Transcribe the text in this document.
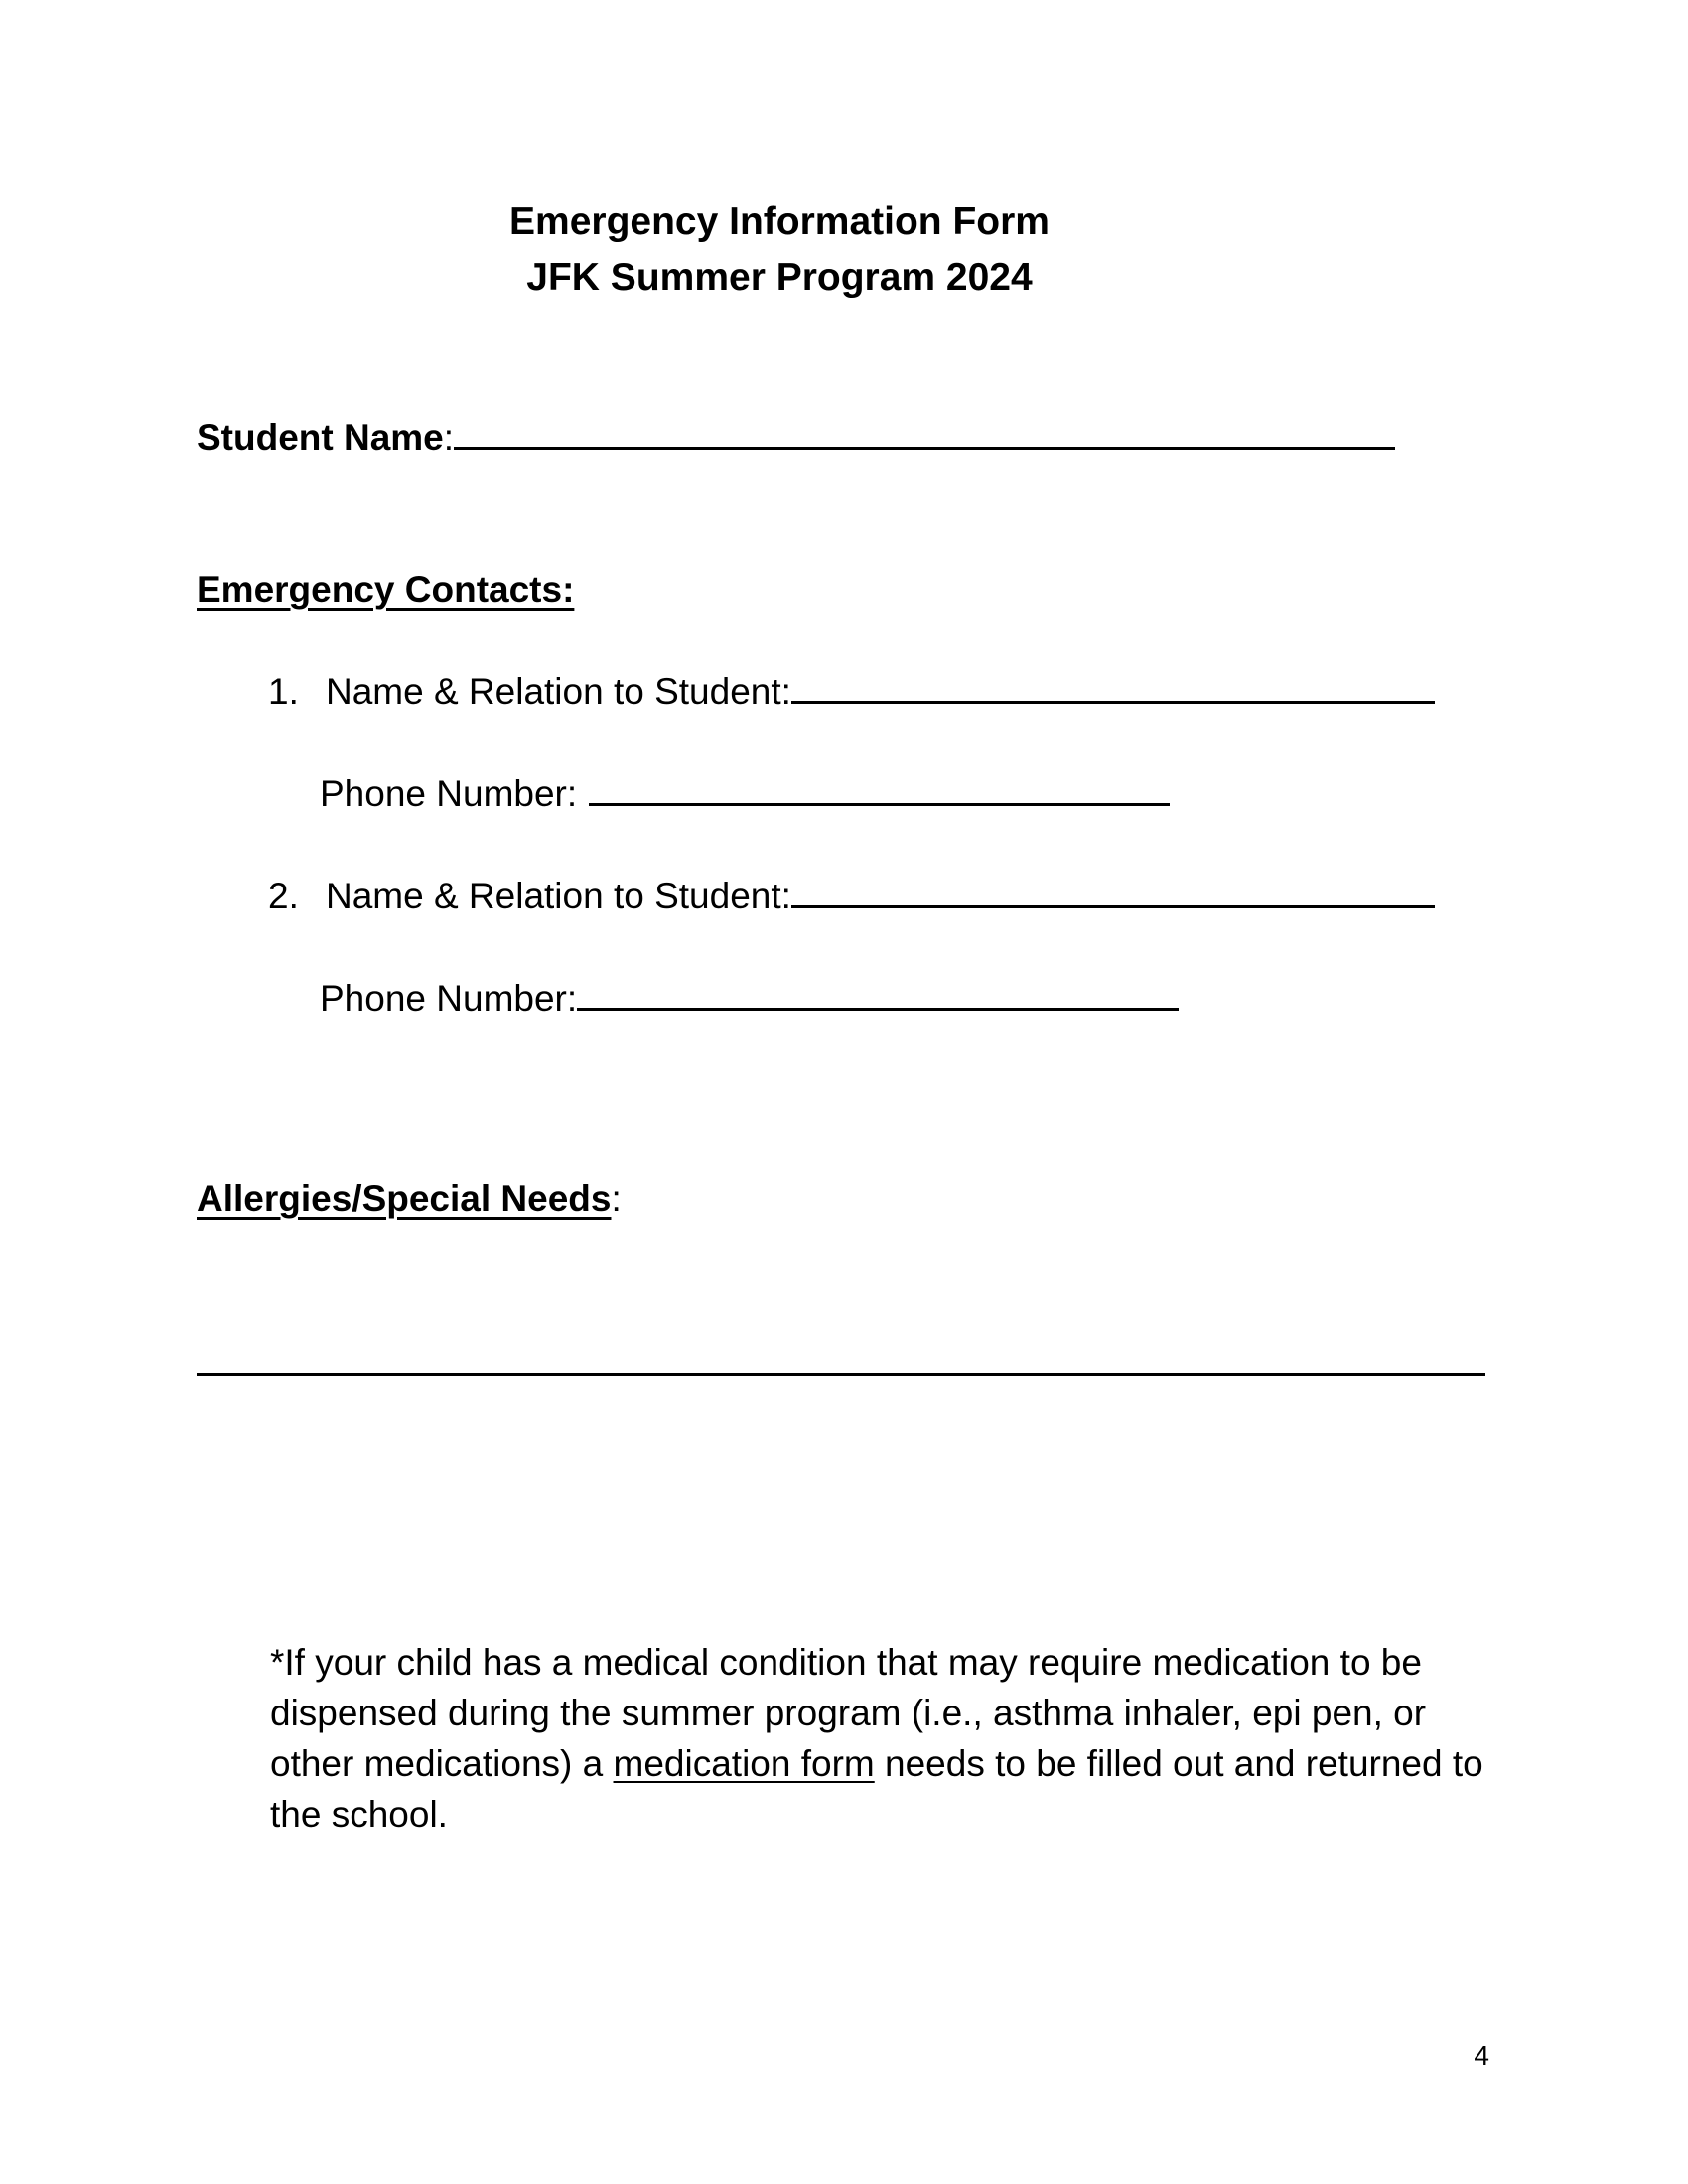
Emergency Information Form
JFK Summer Program 2024
Student Name:
Emergency Contacts:
1. Name & Relation to Student:
Phone Number:
2. Name & Relation to Student:
Phone Number:
Allergies/Special Needs:
*If your child has a medical condition that may require medication to be dispensed during the summer program (i.e., asthma inhaler, epi pen, or other medications) a medication form needs to be filled out and returned to the school.
4
